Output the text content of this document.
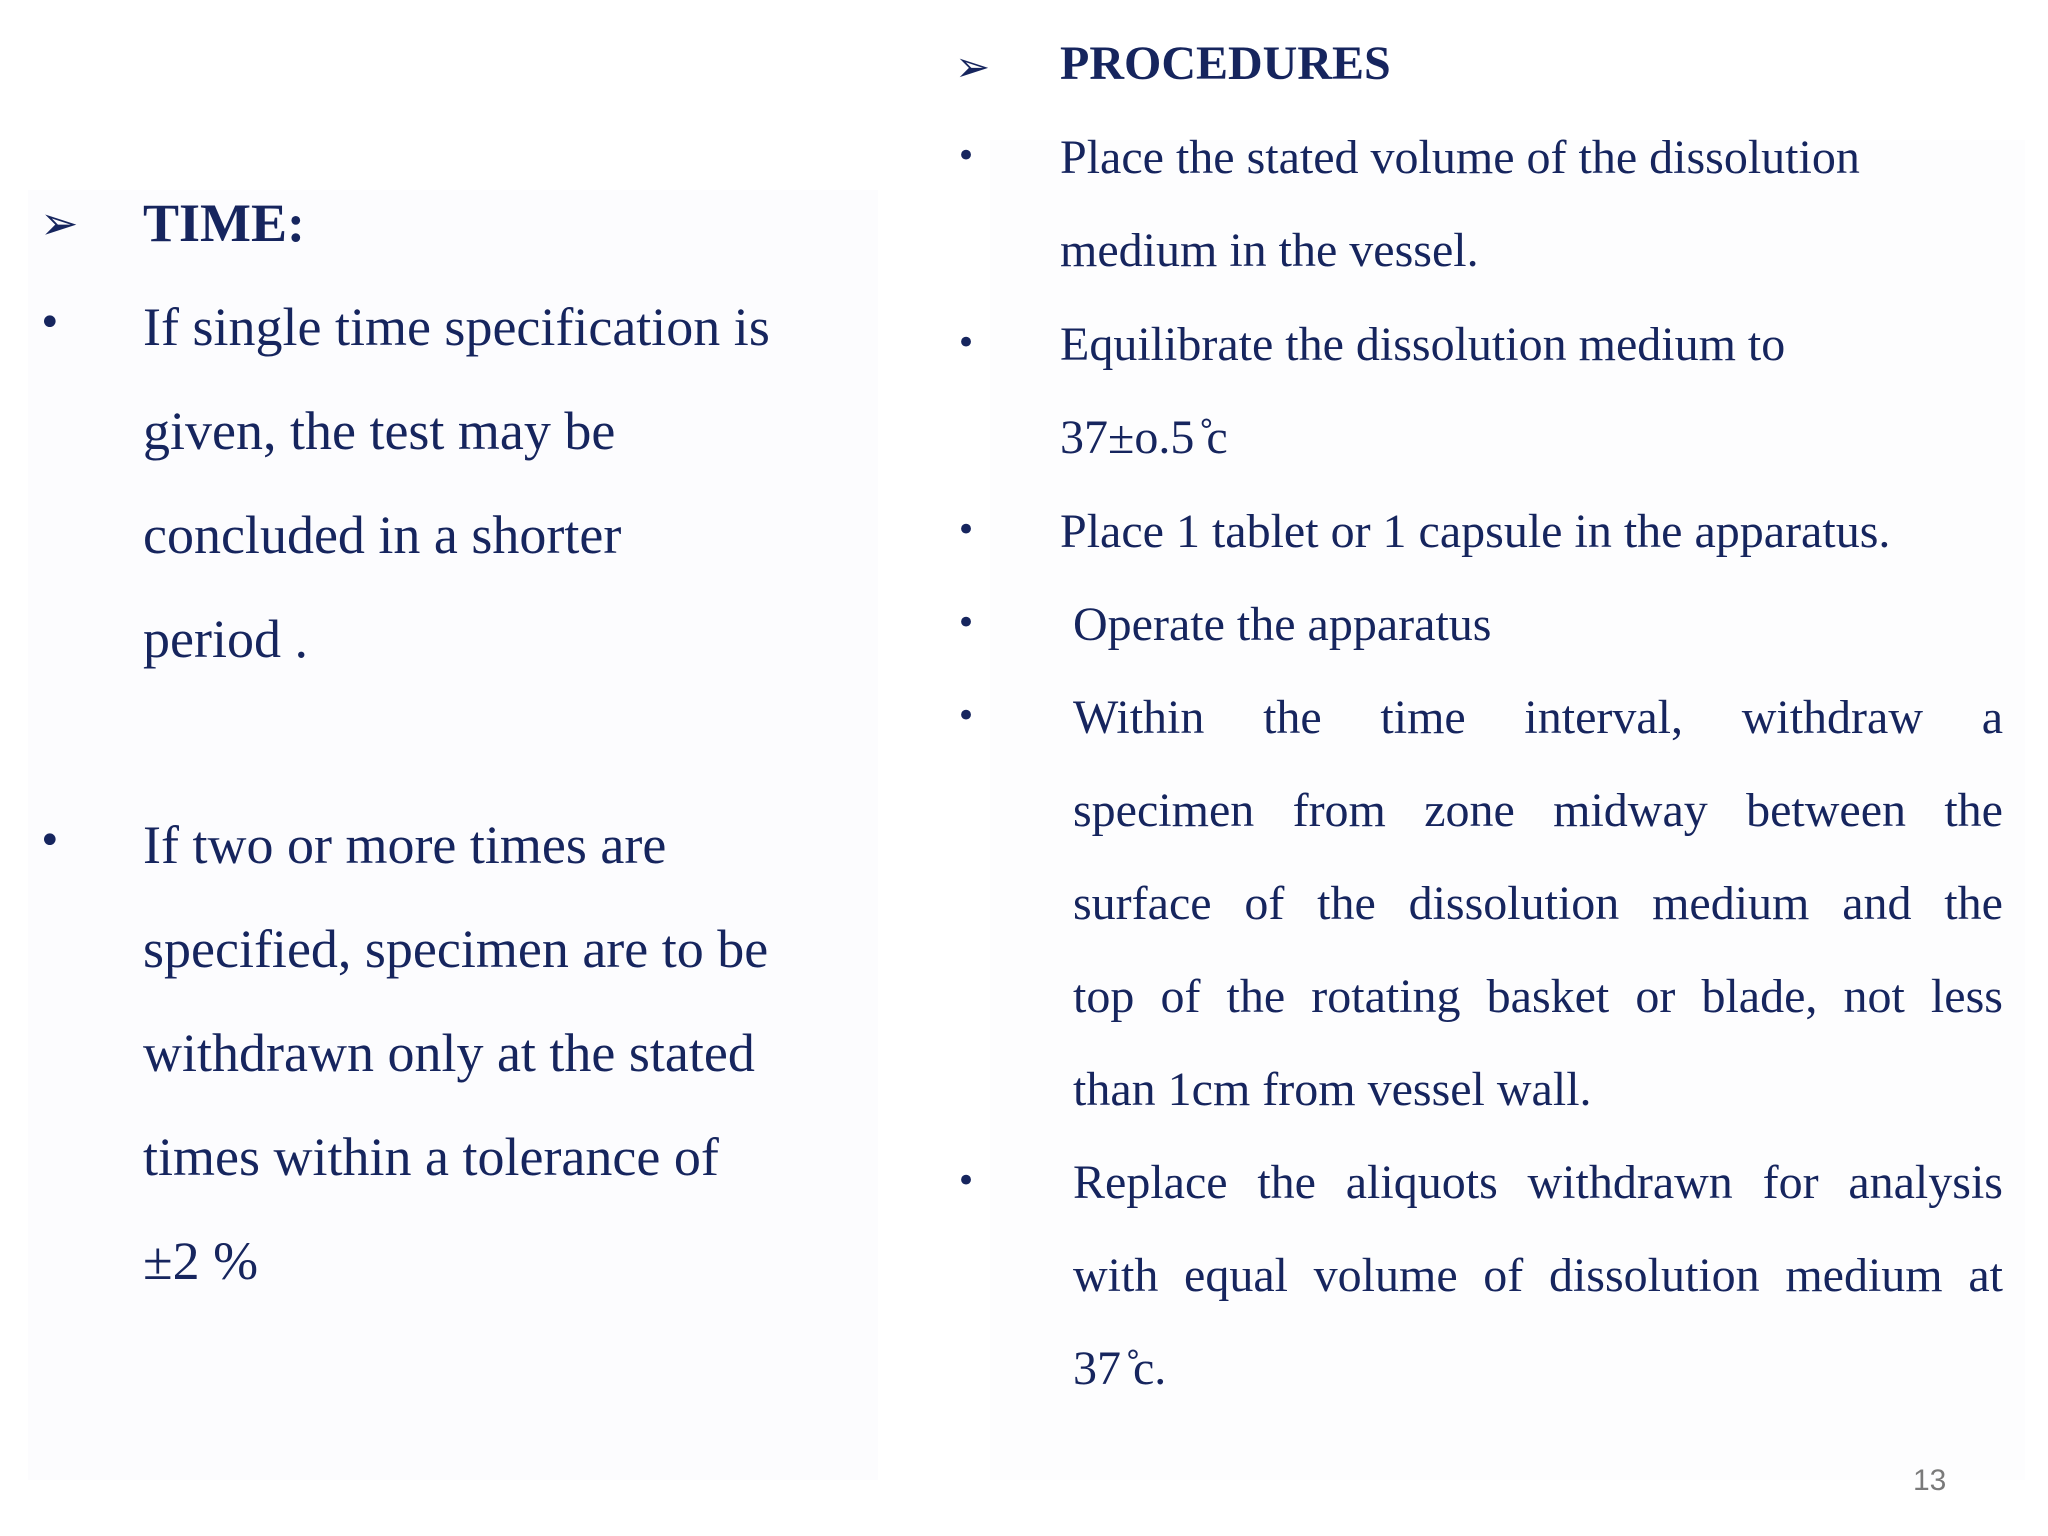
➢ TIME:
• If single time specification is
given, the test may be
concluded in a shorter
period .
• If two or more times are
specified, specimen are to be
withdrawn only at the stated
times within a tolerance of
±2 %
➢ PROCEDURES
• Place the stated volume of the dissolution
medium in the vessel.
• Equilibrate the dissolution medium to
37±o.5 ̊c
• Place 1 tablet or 1 capsule in the apparatus.
• Operate the apparatus
• Within the time interval, withdraw a
specimen from zone midway between the
surface of the dissolution medium and the
top of the rotating basket or blade, not less
than 1cm from vessel wall.
• Replace the aliquots withdrawn for analysis
with equal volume of dissolution medium at
37 ̊c.
13
